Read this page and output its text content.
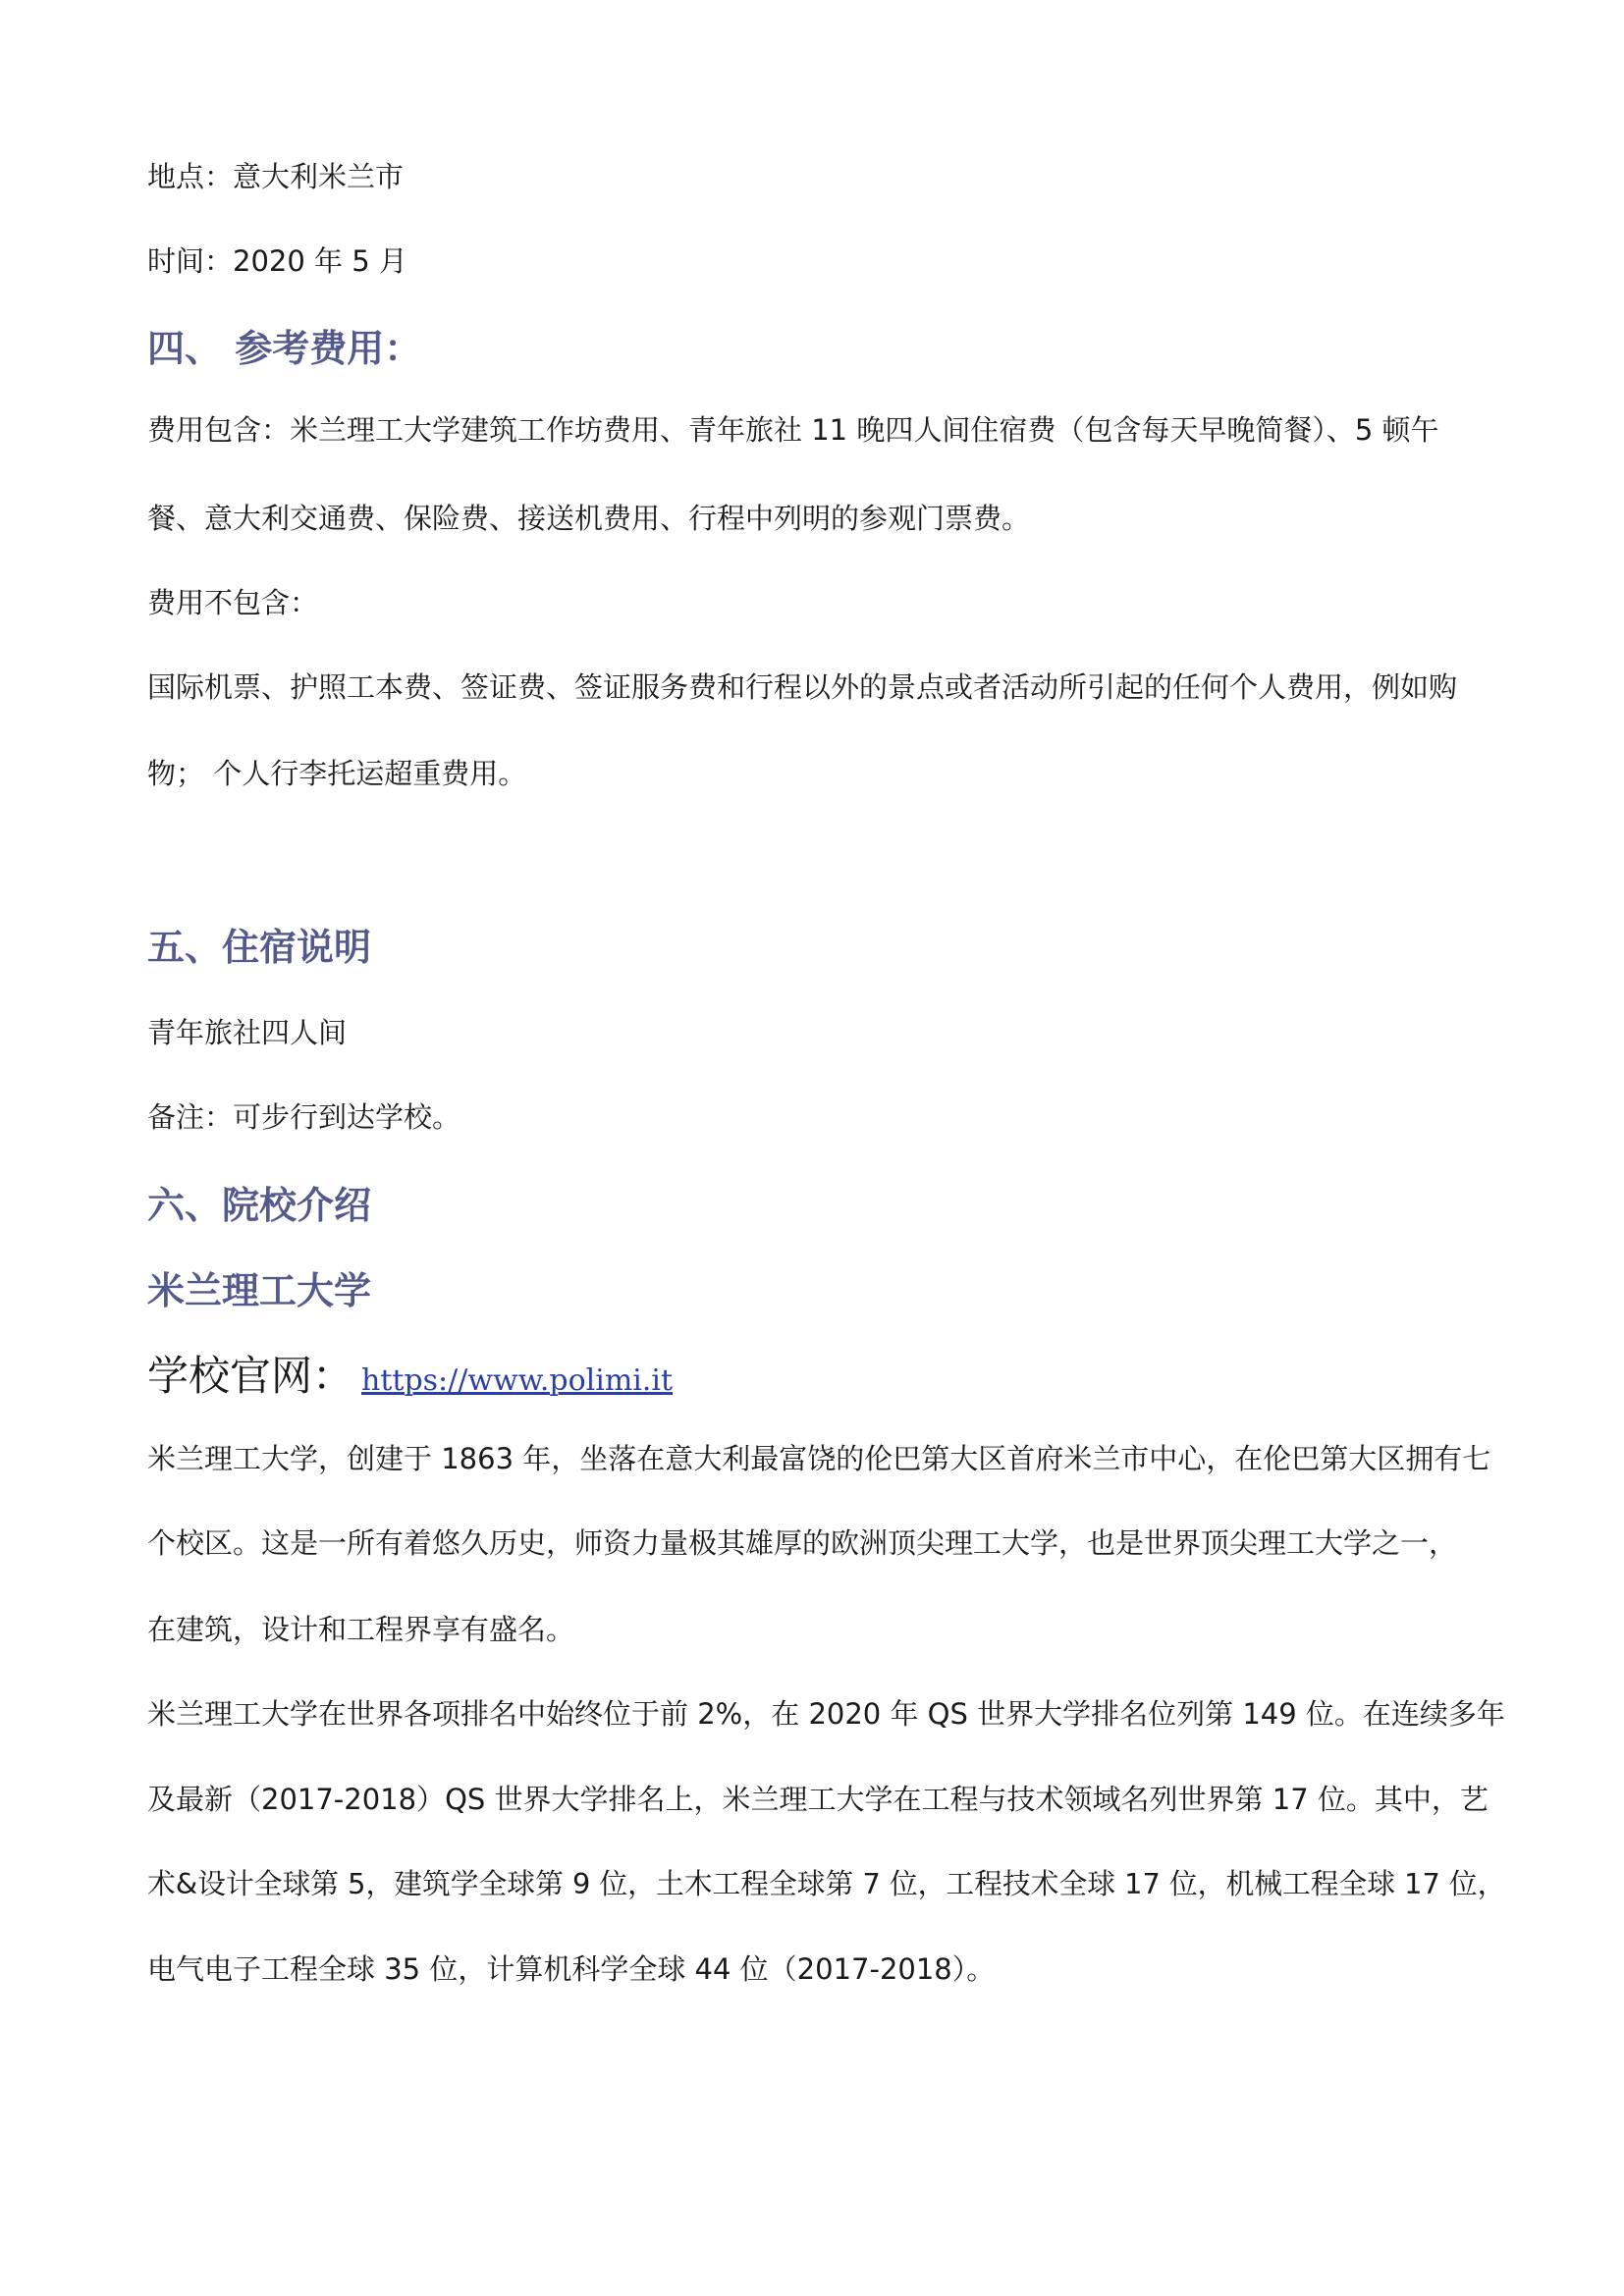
地点：意大利米兰市

时间：2020 年 5 月

四、 参考费用：

费用包含：米兰理工大学建筑工作坊费用、青年旅社 11 晚四人间住宿费（包含每天早晚简餐）、5 顿午

餐、意大利交通费、保险费、接送机费用、行程中列明的参观门票费。

费用不包含：

国际机票、护照工本费、签证费、签证服务费和行程以外的景点或者活动所引起的任何个人费用，例如购

物； 个人行李托运超重费用。

五、住宿说明

青年旅社四人间

备注：可步行到达学校。

六、院校介绍
米兰理工大学

学校官网： https://www.polimi.it

米兰理工大学，创建于 1863 年，坐落在意大利最富饶的伦巴第大区首府米兰市中心，在伦巴第大区拥有七

个校区。这是一所有着悠久历史，师资力量极其雄厚的欧洲顶尖理工大学，也是世界顶尖理工大学之一，

在建筑，设计和工程界享有盛名。

米兰理工大学在世界各项排名中始终位于前 2%，在 2020 年 QS 世界大学排名位列第 149 位。在连续多年

及最新（2017-2018）QS 世界大学排名上，米兰理工大学在工程与技术领域名列世界第 17 位。其中，艺

术&设计全球第 5，建筑学全球第 9 位，土木工程全球第 7 位，工程技术全球 17 位，机械工程全球 17 位，

电气电子工程全球 35 位，计算机科学全球 44 位（2017-2018）。
